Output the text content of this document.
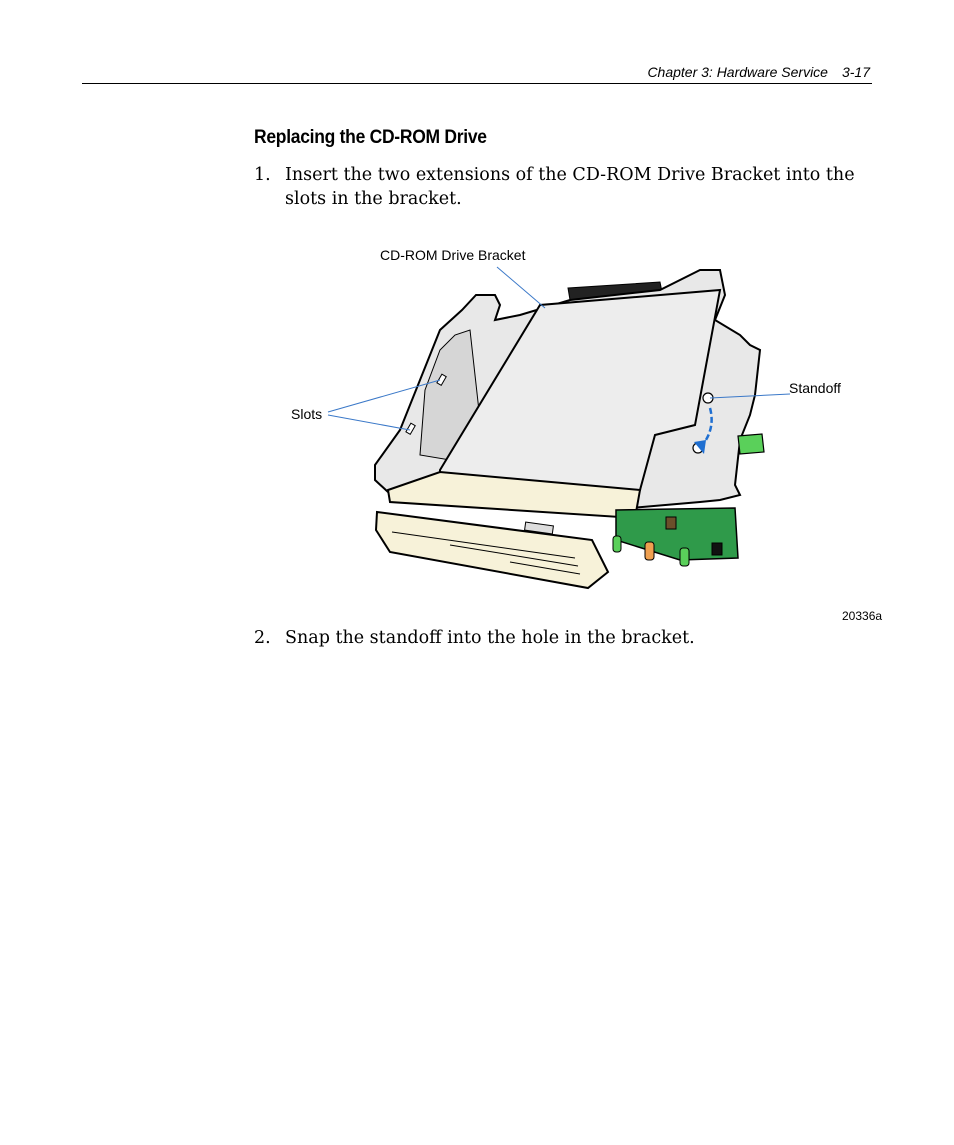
Chapter 3: Hardware Service 3-17
Replacing the CD-ROM Drive
1. Insert the two extensions of the CD-ROM Drive Bracket into the slots in the bracket.
CD-ROM Drive Bracket
Slots
Standoff
20336a
2. Snap the standoff into the hole in the bracket.
